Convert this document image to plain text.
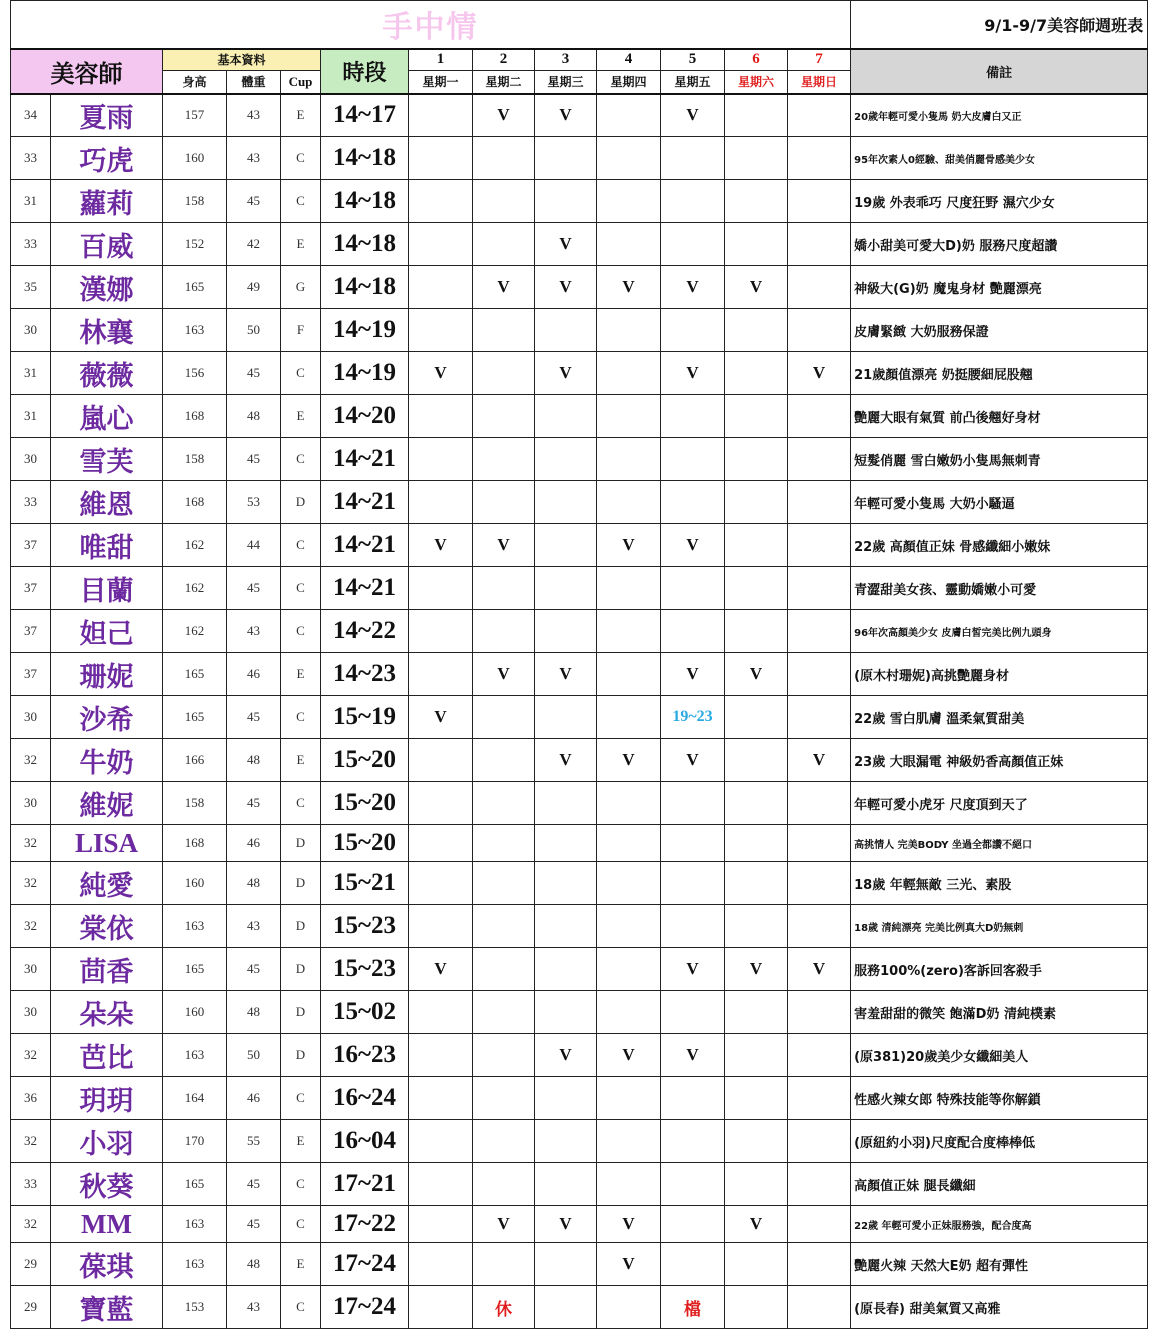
手中情													9/1-9/7美容師週班表
美容師		基本資料			時段	1	2	3	4	5	6	7	備註
		身高	體重	Cup		星期一	星期二	星期三	星期四	星期五	星期六	星期日	
34	夏雨	157	43	E	14~17		V	V		V			20歲年輕可愛小隻馬 奶大皮膚白又正
33	巧虎	160	43	C	14~18								95年次素人0經驗、甜美俏麗骨感美少女
31	蘿莉	158	45	C	14~18								19歲 外表乖巧 尺度狂野 濕穴少女
33	百威	152	42	E	14~18			V					嬌小甜美可愛大D)奶 服務尺度超讚
35	漢娜	165	49	G	14~18		V	V	V	V	V		神級大(G)奶 魔鬼身材 艷麗漂亮
30	林襄	163	50	F	14~19								皮膚緊緻 大奶服務保證
31	薇薇	156	45	C	14~19	V		V		V		V	21歲顏值漂亮 奶挺腰細屁股翹
31	嵐心	168	48	E	14~20								艷麗大眼有氣質 前凸後翹好身材
30	雪芙	158	45	C	14~21								短髮俏麗 雪白嫩奶小隻馬無刺青
33	維恩	168	53	D	14~21								年輕可愛小隻馬 大奶小騷逼
37	唯甜	162	44	C	14~21	V	V		V	V			22歲 高顏值正妹 骨感纖細小嫩妹
37	目蘭	162	45	C	14~21								青澀甜美女孩、靈動嬌嫩小可愛
37	妲己	162	43	C	14~22								96年次高顏美少女 皮膚白皙完美比例九頭身
37	珊妮	165	46	E	14~23		V	V		V	V		(原木村珊妮)高挑艷麗身材
30	沙希	165	45	C	15~19	V				19~23			22歲 雪白肌膚 溫柔氣質甜美
32	牛奶	166	48	E	15~20			V	V	V		V	23歲 大眼漏電 神級奶香高顏值正妹
30	維妮	158	45	C	15~20								年輕可愛小虎牙 尺度頂到天了
32	LISA	168	46	D	15~20								高挑情人 完美BODY 坐過全都讚不絕口
32	純愛	160	48	D	15~21								18歲 年輕無敵 三光、素股
32	棠依	163	43	D	15~23								18歲 清純漂亮 完美比例真大D奶無刺
30	茴香	165	45	D	15~23	V				V	V	V	服務100%(zero)客訴回客殺手
30	朵朵	160	48	D	15~02								害羞甜甜的微笑 飽滿D奶 清純樸素
32	芭比	163	50	D	16~23			V	V	V			(原381)20歲美少女纖細美人
36	玥玥	164	46	C	16~24								性感火辣女郎 特殊技能等你解鎖
32	小羽	170	55	E	16~04								(原紐約小羽)尺度配合度棒棒低
33	秋葵	165	45	C	17~21								高顏值正妹 腿長纖細
32	MM	163	45	C	17~22		V	V	V		V		22歲 年輕可愛小正妹服務強，配合度高
29	葆琪	163	48	E	17~24				V				艷麗火辣 天然大E奶 超有彈性
29	寶藍	153	43	C	17~24		休			檔			(原長春) 甜美氣質又高雅
